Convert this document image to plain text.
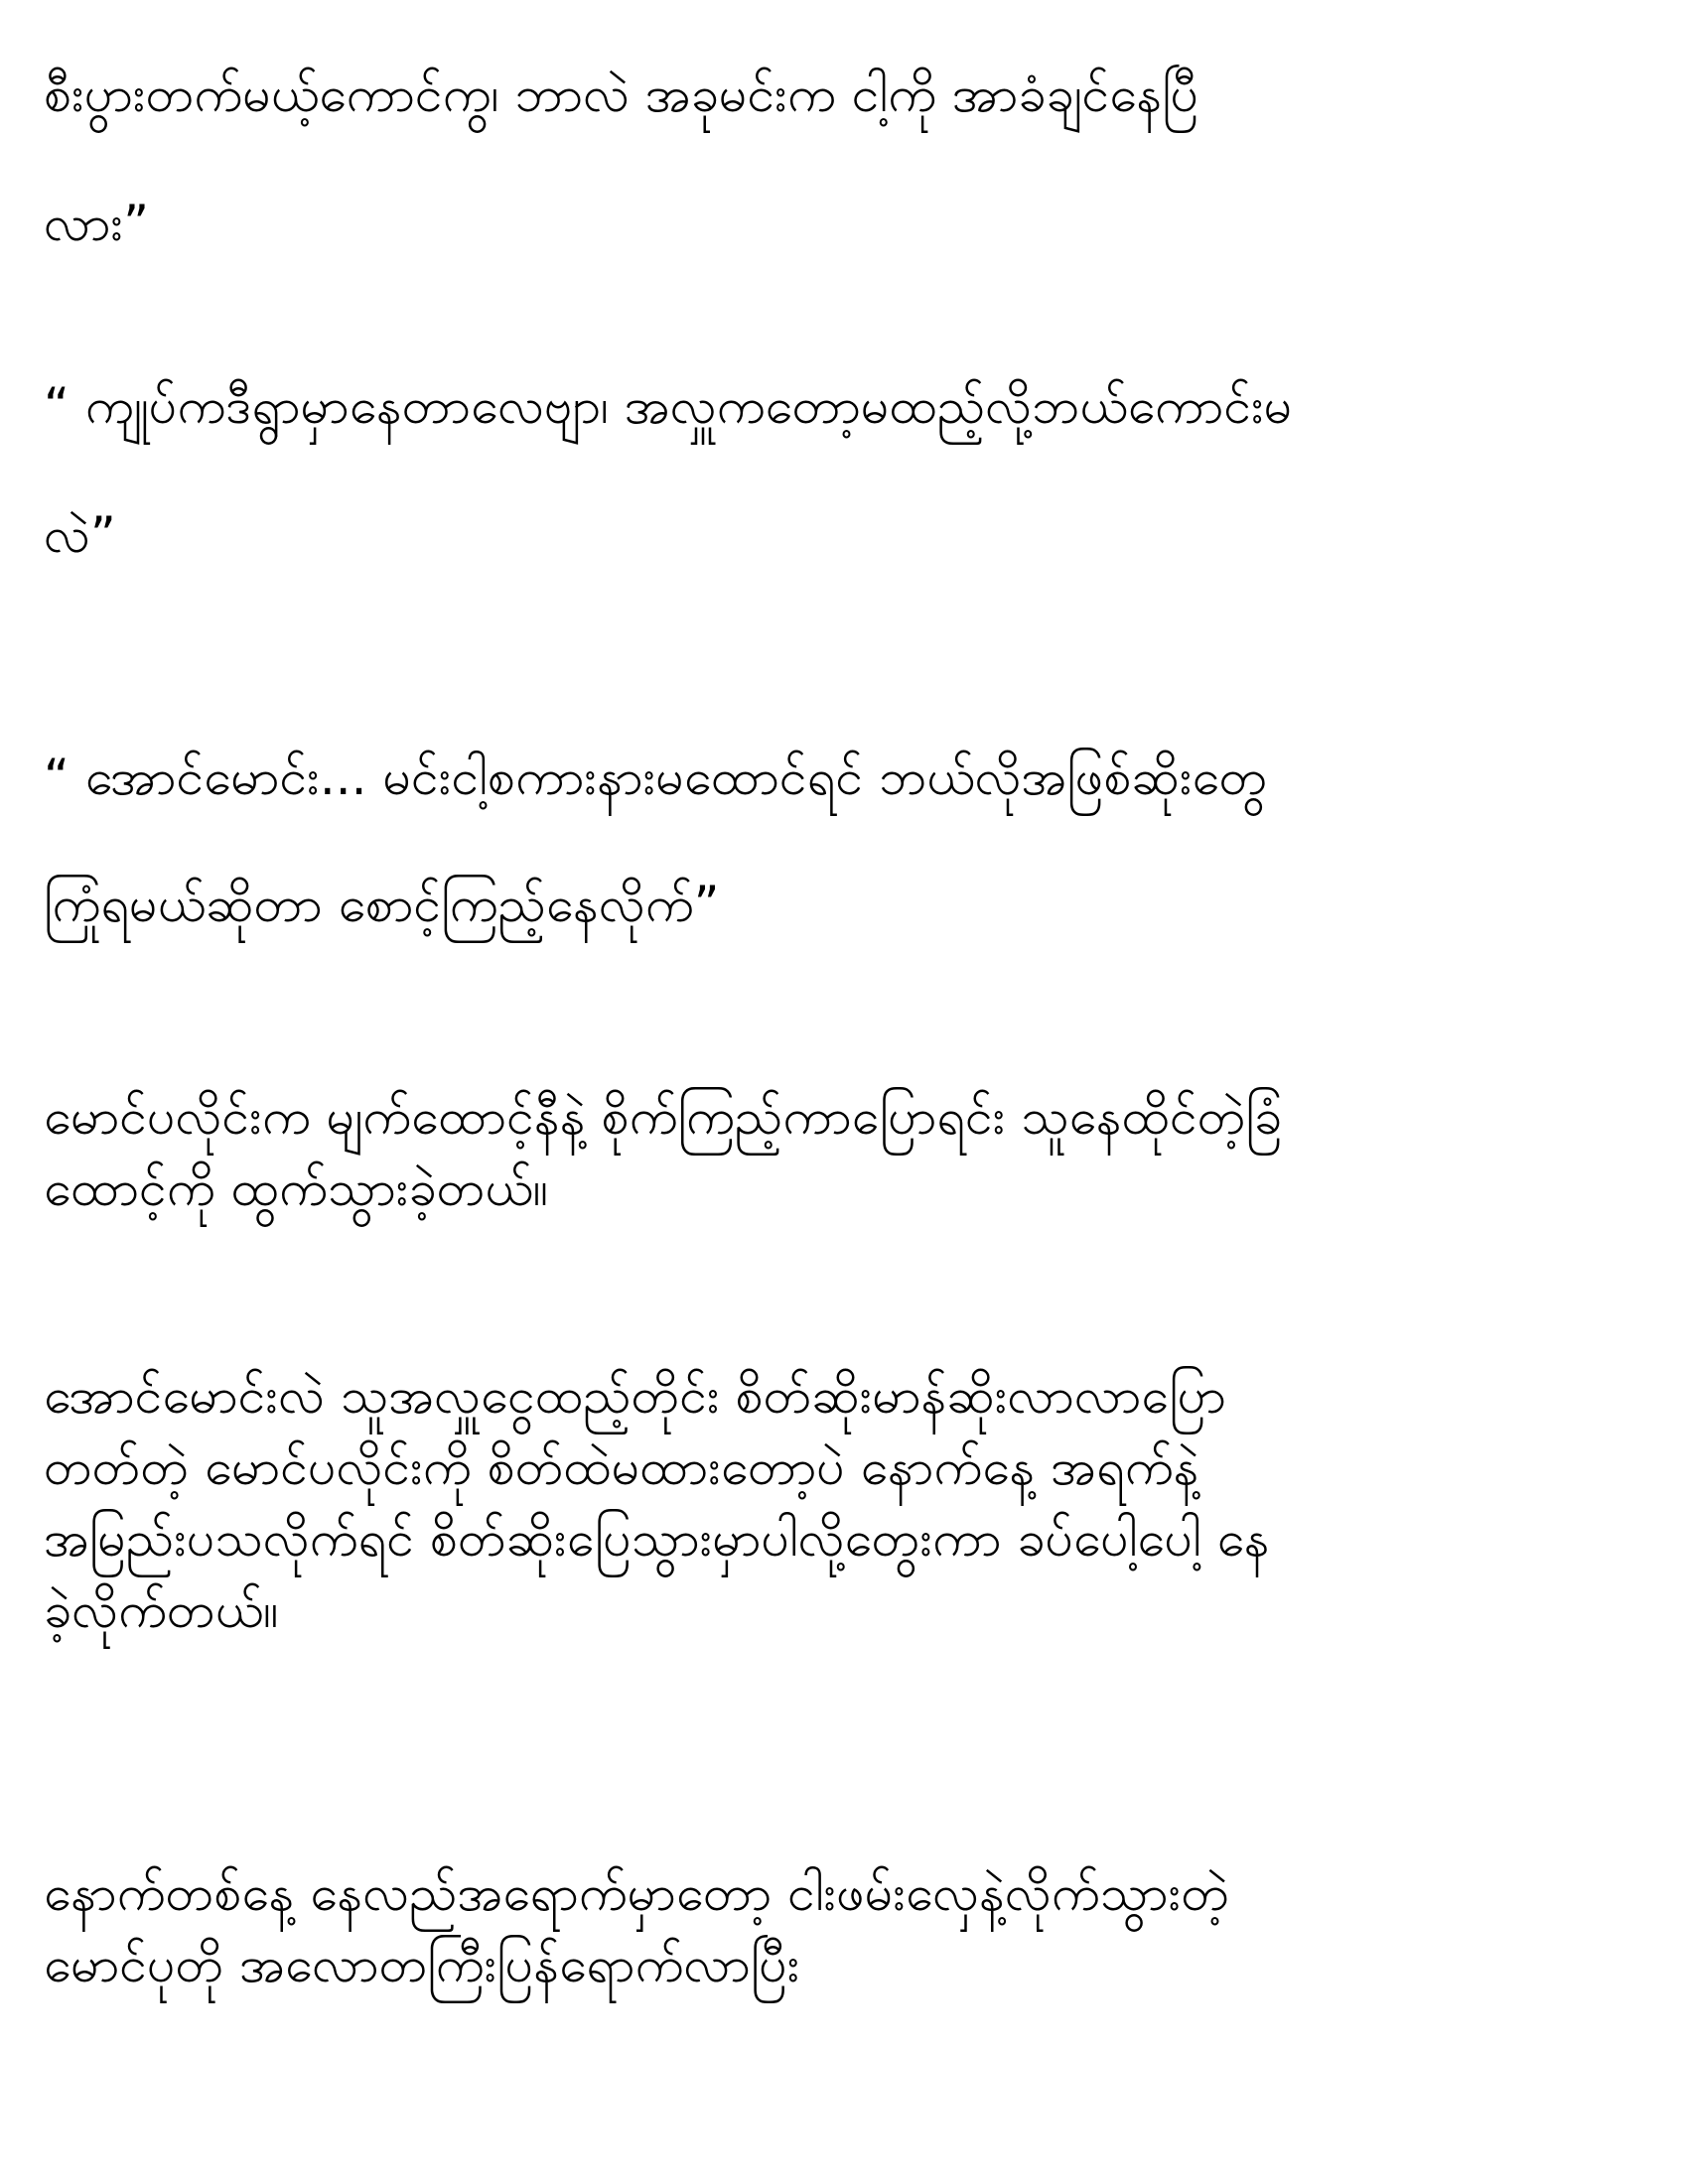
စီးပွားတက်မယ့်ကောင်ကွ၊ ဘာလဲ အခုမင်းက ငါ့ကို အာခံချင်နေပြီ
လား”
“ ကျုပ်ကဒီရွာမှာနေတာလေဗျာ၊ အလှူကတော့မထည့်လို့ဘယ်ကောင်းမ
လဲ”
“ အောင်မောင်း... မင်းငါ့စကားနားမထောင်ရင် ဘယ်လိုအဖြစ်ဆိုးတွေ
ကြုံရမယ်ဆိုတာ စောင့်ကြည့်နေလိုက်”
မောင်ပလိုင်းက မျက်ထောင့်နီနဲ့ စိုက်ကြည့်ကာပြောရင်း သူနေထိုင်တဲ့ခြံ
ထောင့်ကို ထွက်သွားခဲ့တယ်။
အောင်မောင်းလဲ သူအလှူငွေထည့်တိုင်း စိတ်ဆိုးမာန်ဆိုးလာလာပြော
တတ်တဲ့ မောင်ပလိုင်းကို စိတ်ထဲမထားတော့ပဲ နောက်နေ့ အရက်နဲ့
အမြည်းပသလိုက်ရင် စိတ်ဆိုးပြေသွားမှာပါလို့တွေးကာ ခပ်ပေါ့ပေါ့ နေ
ခဲ့လိုက်တယ်။
နောက်တစ်နေ့ နေလည်အရောက်မှာတော့ ငါးဖမ်းလှေနဲ့လိုက်သွားတဲ့
မောင်ပုတို အလောတကြီးပြန်ရောက်လာပြီး
